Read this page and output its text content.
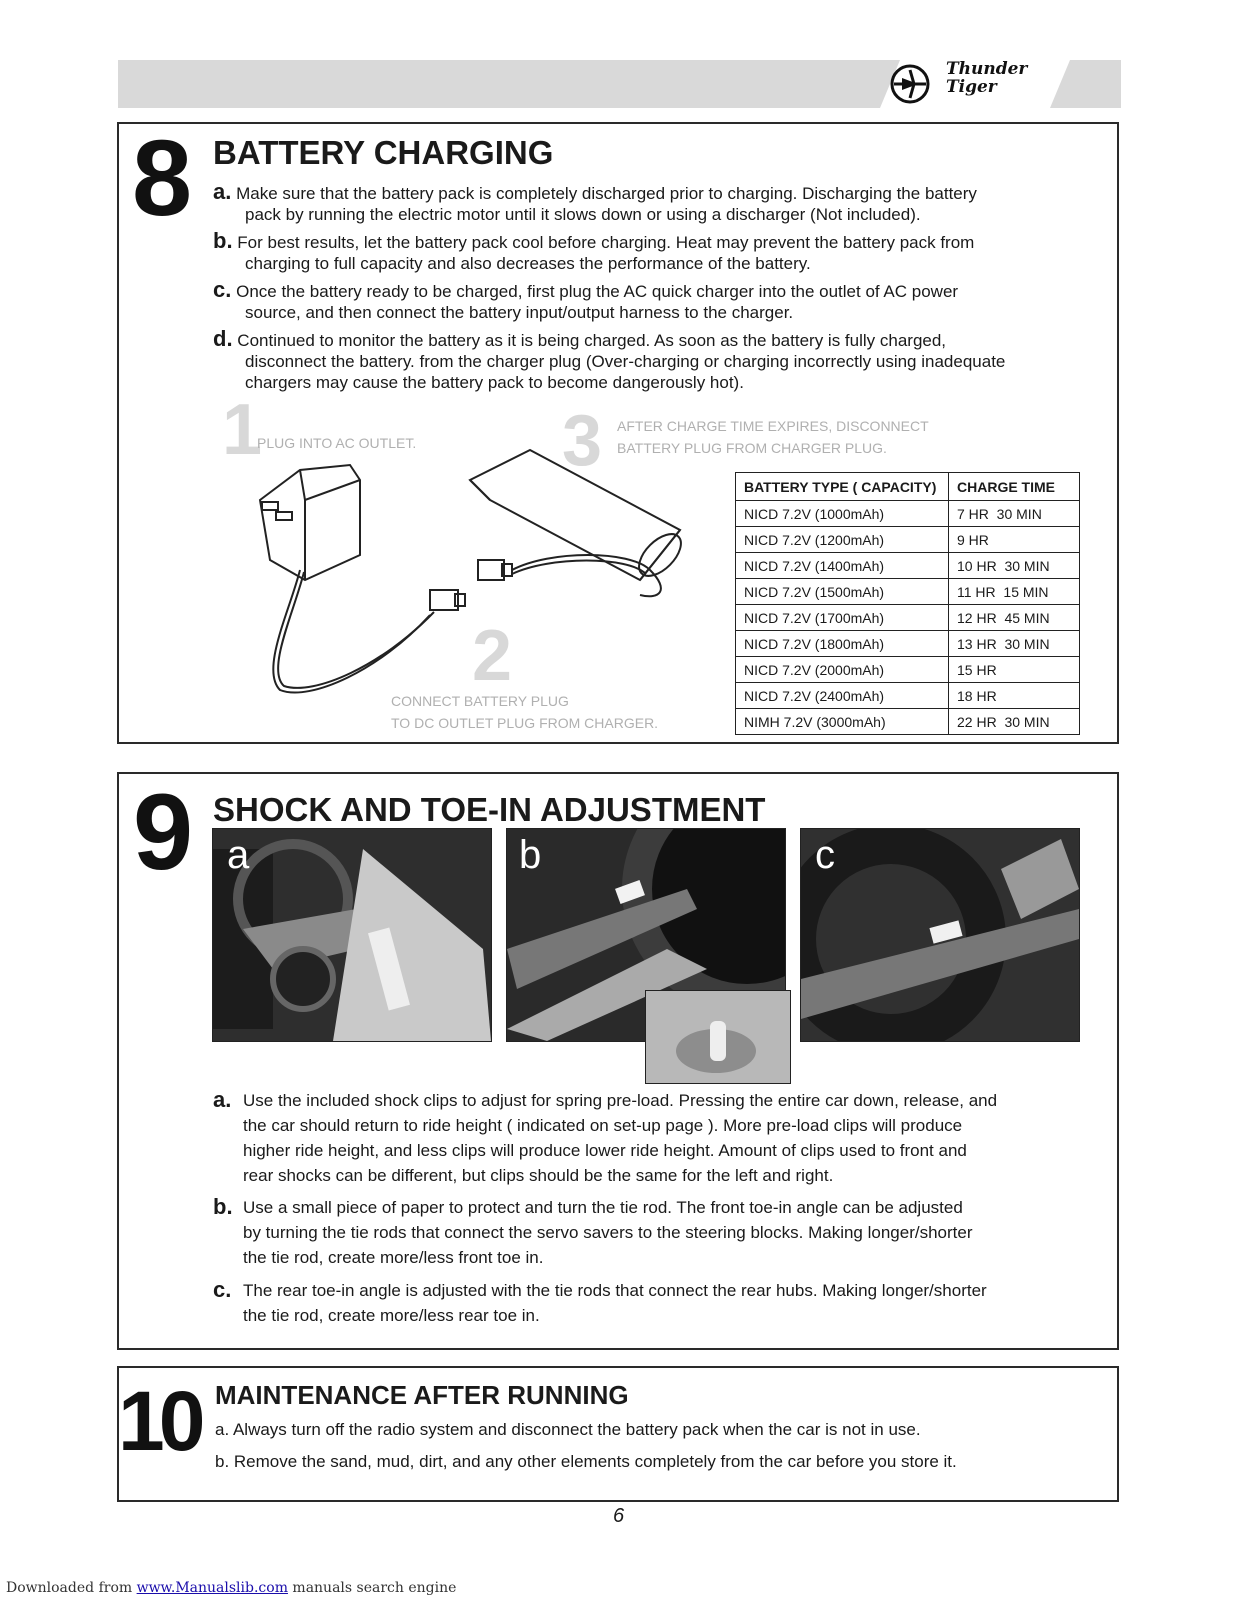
Thunder
Tiger
8 BATTERY CHARGING
a. Make sure that the battery pack is completely discharged prior to charging. Discharging the battery
pack by running the electric motor until it slows down or using a discharger (Not included).
b. For best results, let the battery pack cool before charging. Heat may prevent the battery pack from
charging to full capacity and also decreases the performance of the battery.
c. Once the battery ready to be charged, first plug the AC quick charger into the outlet of AC power
source, and then connect the battery input/output harness to the charger.
d. Continued to monitor the battery as it is being charged. As soon as the battery is fully charged,
disconnect the battery. from the charger plug (Over-charging or charging incorrectly using inadequate
chargers may cause the battery pack to become dangerously hot).
1
PLUG INTO AC OUTLET. 3 AFTER CHARGE TIME EXPIRES, DISCONNECT
BATTERY PLUG FROM CHARGER PLUG.
2
CONNECT BATTERY PLUG
TO DC OUTLET PLUG FROM CHARGER.
BATTERY TYPE ( CAPACITY)	CHARGE TIME
NICD 7.2V (1000mAh)	7 HR  30 MIN
NICD 7.2V (1200mAh)	9 HR
NICD 7.2V (1400mAh)	10 HR  30 MIN
NICD 7.2V (1500mAh)	11 HR  15 MIN
NICD 7.2V (1700mAh)	12 HR  45 MIN
NICD 7.2V (1800mAh)	13 HR  30 MIN
NICD 7.2V (2000mAh)	15 HR
NICD 7.2V (2400mAh)	18 HR
NIMH 7.2V (3000mAh)	22 HR  30 MIN
9 SHOCK AND TOE-IN ADJUSTMENT
a	b	c
a. Use the included shock clips to adjust for spring pre-load. Pressing the entire car down, release, and
the car should return to ride height ( indicated on set-up page ). More pre-load clips will produce
higher ride height, and less clips will produce lower ride height. Amount of clips used to front and
rear shocks can be different, but clips should be the same for the left and right.
b. Use a small piece of paper to protect and turn the tie rod. The front toe-in angle can be adjusted
by turning the tie rods that connect the servo savers to the steering blocks. Making longer/shorter
the tie rod, create more/less front toe in.
c. The rear toe-in angle is adjusted with the tie rods that connect the rear hubs. Making longer/shorter
the tie rod, create more/less rear toe in.
10 MAINTENANCE AFTER RUNNING
a. Always turn off the radio system and disconnect the battery pack when the car is not in use.
b. Remove the sand, mud, dirt, and any other elements completely from the car before you store it.
6
Downloaded from www.Manualslib.com manuals search engine
